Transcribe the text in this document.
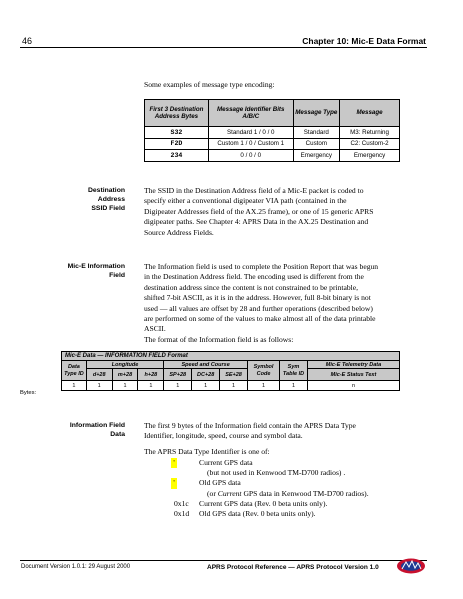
46	Chapter 10: Mic-E Data Format
Some examples of message type encoding:
First 3 Destination Address Bytes	Message Identifier Bits A/B/C	Message Type	Message
S32	Standard 1 / 0 / 0	Standard	M3: Returning
F2D	Custom 1 / 0 / Custom 1	Custom	C2: Custom-2
234	0 / 0 / 0	Emergency	Emergency
Destination
Address
SSID Field
The SSID in the Destination Address field of a Mic-E packet is coded to
specify either a conventional digipeater VIA path (contained in the
Digipeater Addresses field of the AX.25 frame), or one of 15 generic APRS
digipeater paths. See Chapter 4: APRS Data in the AX.25 Destination and
Source Address Fields.
Mic-E Information
Field
The Information field is used to complete the Position Report that was begun
in the Destination Address field. The encoding used is different from the
destination address since the content is not constrained to be printable,
shifted 7-bit ASCII, as it is in the address. However, full 8-bit binary is not
used — all values are offset by 28 and further operations (described below)
are performed on some of the values to make almost all of the data printable
ASCII.
The format of the Information field is as follows:
Mic-E Data — INFORMATION FIELD Format									
Data Type ID	Longitude			Speed and Course			Symbol Code	Sym Table ID	Mic-E Telemetry Data
	d+28	m+28	h+28	SP+28	DC+28	SE+28			Mic-E Status Text
1	1	1	1	1	1	1	1	1	n
Bytes:
Information Field
Data
The first 9 bytes of the Information field contain the APRS Data Type
Identifier, longitude, speed, course and symbol data.
The APRS Data Type Identifier is one of:
'	Current GPS data
(but not used in Kenwood TM-D700 radios) .
'	Old GPS data
(or Current GPS data in Kenwood TM-D700 radios).
0x1c Current GPS data (Rev. 0 beta units only).
0x1d Old GPS data (Rev. 0 beta units only).
Document Version 1.0.1: 29 August 2000	APRS Protocol Reference — APRS Protocol Version 1.0
